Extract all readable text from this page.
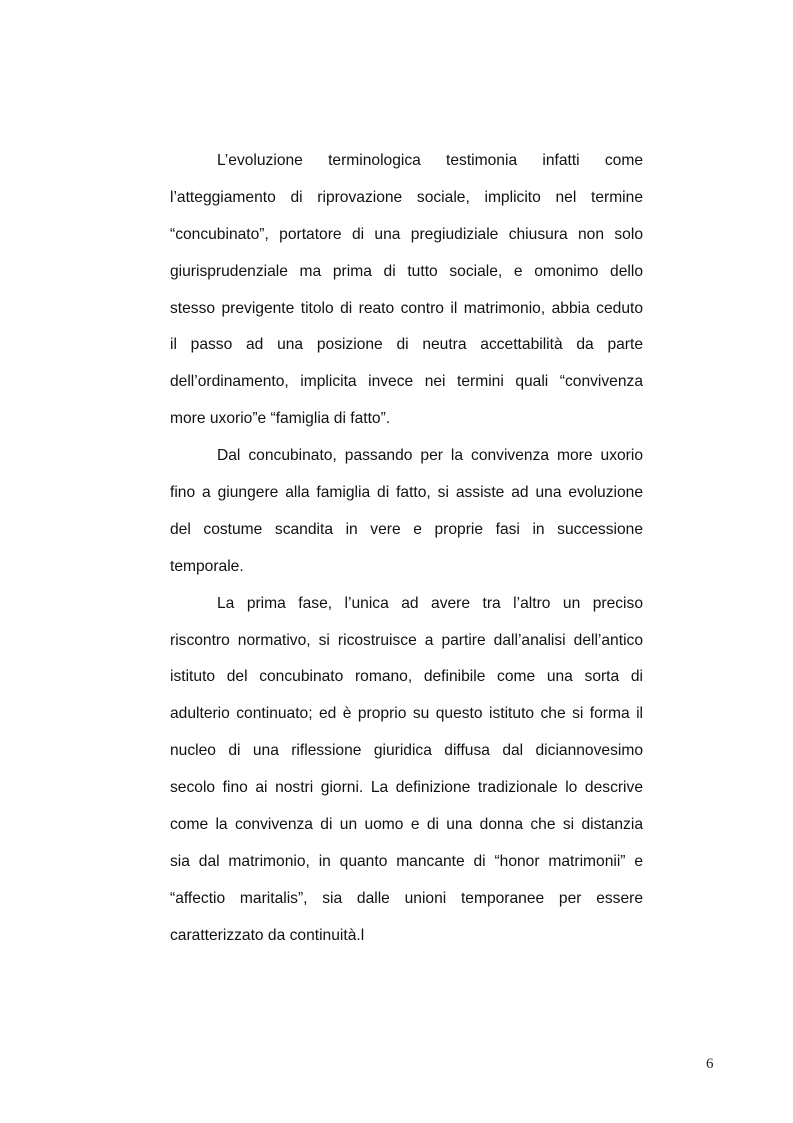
L’evoluzione terminologica testimonia infatti come
l’atteggiamento di riprovazione sociale, implicito nel termine
“concubinato”, portatore di una pregiudiziale chiusura non solo
giurisprudenziale ma prima di tutto sociale, e omonimo dello
stesso previgente titolo di reato contro il matrimonio, abbia ceduto
il passo ad una posizione di neutra accettabilità da parte
dell’ordinamento, implicita invece nei termini quali “convivenza
more uxorio”e “famiglia di fatto”.
Dal concubinato, passando per la convivenza more uxorio
fino a giungere alla famiglia di fatto, si assiste ad una evoluzione
del costume scandita in vere e proprie fasi in successione
temporale.
La prima fase, l’unica ad avere tra l’altro un preciso
riscontro normativo, si ricostruisce a partire dall’analisi dell’antico
istituto del concubinato romano, definibile come una sorta di
adulterio continuato; ed è proprio su questo istituto che si forma il
nucleo di una riflessione giuridica diffusa dal diciannovesimo
secolo fino ai nostri giorni. La definizione tradizionale lo descrive
come la convivenza di un uomo e di una donna che si distanzia
sia dal matrimonio, in quanto mancante di “honor matrimonii” e
“affectio maritalis”, sia dalle unioni temporanee per essere
caratterizzato da continuità.l
6
